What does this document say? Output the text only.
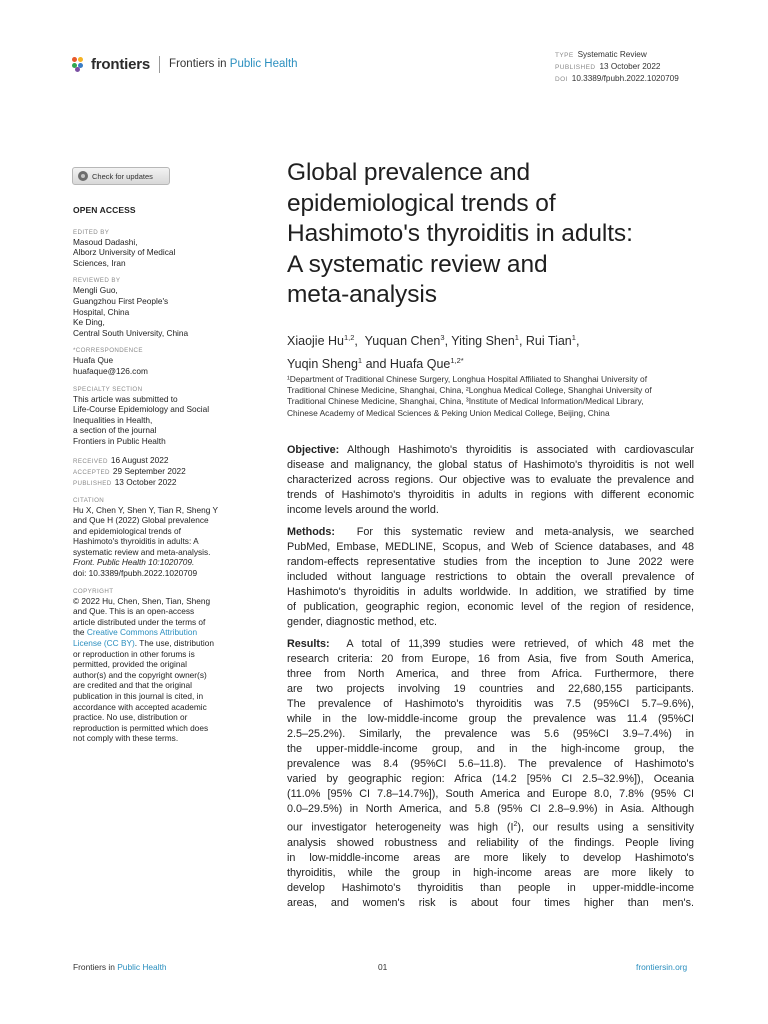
frontiers Frontiers in Public Health
TYPE Systematic Review
PUBLISHED 13 October 2022
DOI 10.3389/fpubh.2022.1020709
Check for updates
OPEN ACCESS
EDITED BY
Masoud Dadashi,
Alborz University of Medical
Sciences, Iran
REVIEWED BY
Mengli Guo,
Guangzhou First People's
Hospital, China
Ke Ding,
Central South University, China
*CORRESPONDENCE
Huafa Que
huafaque@126.com
SPECIALTY SECTION
This article was submitted to
Life-Course Epidemiology and Social
Inequalities in Health,
a section of the journal
Frontiers in Public Health
RECEIVED 16 August 2022
ACCEPTED 29 September 2022
PUBLISHED 13 October 2022
CITATION
Hu X, Chen Y, Shen Y, Tian R, Sheng Y
and Que H (2022) Global prevalence
and epidemiological trends of
Hashimoto's thyroiditis in adults: A
systematic review and meta-analysis.
Front. Public Health 10:1020709.
doi: 10.3389/fpubh.2022.1020709
COPYRIGHT
© 2022 Hu, Chen, Shen, Tian, Sheng
and Que. This is an open-access
article distributed under the terms of
the Creative Commons Attribution
License (CC BY). The use, distribution
or reproduction in other forums is
permitted, provided the original
author(s) and the copyright owner(s)
are credited and that the original
publication in this journal is cited, in
accordance with accepted academic
practice. No use, distribution or
reproduction is permitted which does
not comply with these terms.
Global prevalence and
epidemiological trends of
Hashimoto's thyroiditis in adults:
A systematic review and
meta-analysis
Xiaojie Hu$^{1,2}$,  Yuquan Chen$^3$, Yiting Shen$^1$, Rui Tian$^1$,
Yuqin Sheng$^1$ and Huafa Que$^{1,2*}$
¹Department of Traditional Chinese Surgery, Longhua Hospital Affiliated to Shanghai University of
Traditional Chinese Medicine, Shanghai, China, ²Longhua Medical College, Shanghai University of
Traditional Chinese Medicine, Shanghai, China, ³Institute of Medical Information/Medical Library,
Chinese Academy of Medical Sciences & Peking Union Medical College, Beijing, China
Objective: Although Hashimoto's thyroiditis is associated with cardiovascular
disease and malignancy, the global status of Hashimoto's thyroiditis is not well
characterized across regions. Our objective was to evaluate the prevalence and
trends of Hashimoto's thyroiditis in adults in regions with different economic
income levels around the world.
Methods:  For this systematic review and meta-analysis, we searched
PubMed, Embase, MEDLINE, Scopus, and Web of Science databases, and 48
random-effects representative studies from the inception to June 2022 were
included without language restrictions to obtain the overall prevalence of
Hashimoto's thyroiditis in adults worldwide. In addition, we stratified by time
of publication, geographic region, economic level of the region of residence,
gender, diagnostic method, etc.
Results:  A total of 11,399 studies were retrieved, of which 48 met the
research criteria: 20 from Europe, 16 from Asia, five from South America,
three from North America, and three from Africa. Furthermore, there
are two projects involving 19 countries and 22,680,155 participants.
The prevalence of Hashimoto's thyroiditis was 7.5 (95%CI 5.7–9.6%),
while in the low-middle-income group the prevalence was 11.4 (95%CI
2.5–25.2%). Similarly, the prevalence was 5.6 (95%CI 3.9–7.4%) in
the upper-middle-income group, and in the high-income group, the
prevalence was 8.4 (95%CI 5.6–11.8). The prevalence of Hashimoto's
varied by geographic region: Africa (14.2 [95% CI 2.5–32.9%]), Oceania
(11.0% [95% CI 7.8–14.7%]), South America and Europe 8.0, 7.8% (95% CI
0.0–29.5%) in North America, and 5.8 (95% CI 2.8–9.9%) in Asia. Although
our investigator heterogeneity was high $(I^2)$, our results using a sensitivity
analysis showed robustness and reliability of the findings. People living
in low-middle-income areas are more likely to develop Hashimoto's
thyroiditis, while the group in high-income areas are more likely to
develop Hashimoto's thyroiditis than people in upper-middle-income
areas, and women's risk is about four times higher than men's.
Frontiers in Public Health	01	frontiersin.org
